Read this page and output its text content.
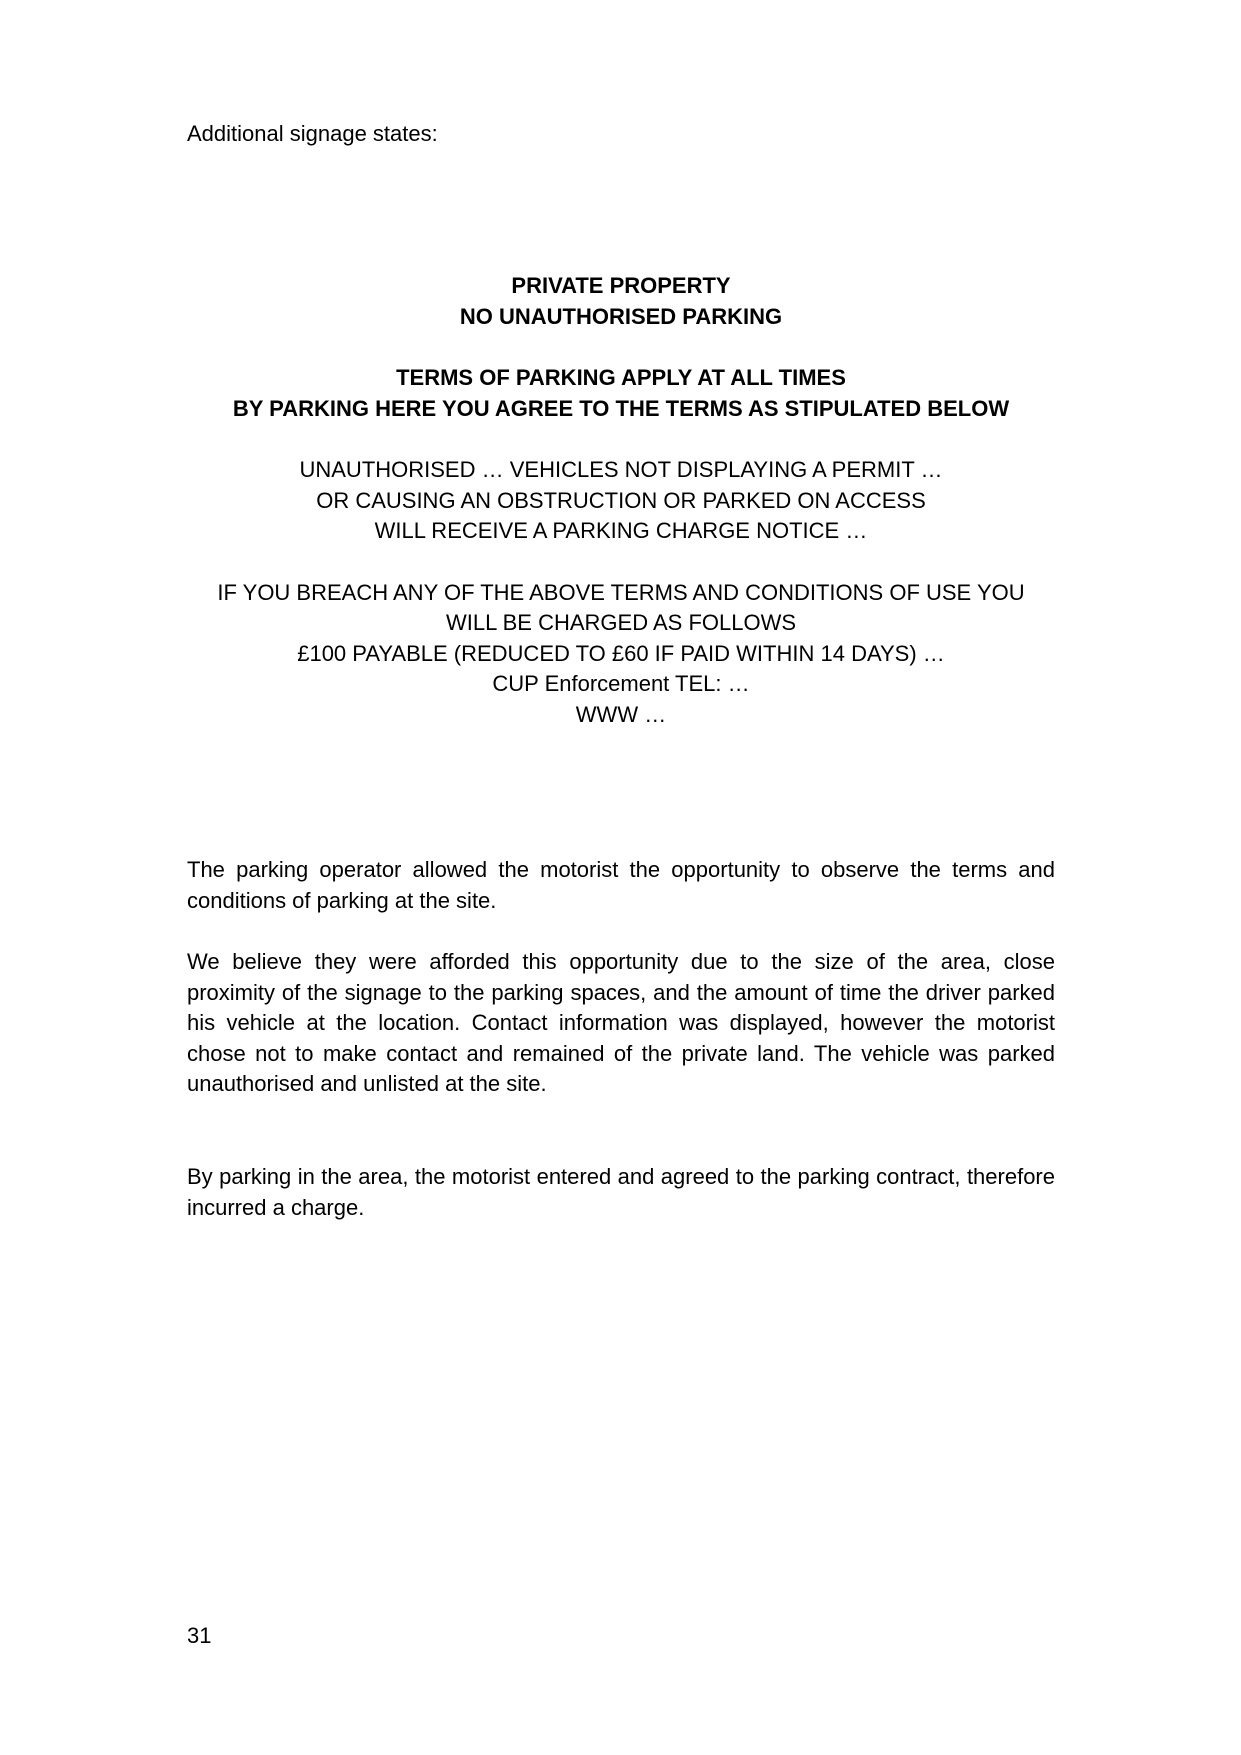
Additional signage states:

PRIVATE PROPERTY

NO UNAUTHORISED PARKING

TERMS OF PARKING APPLY AT ALL TIMES

BY PARKING HERE YOU AGREE TO THE TERMS AS STIPULATED BELOW

UNAUTHORISED … VEHICLES NOT DISPLAYING A PERMIT …

OR CAUSING AN OBSTRUCTION OR PARKED ON ACCESS

WILL RECEIVE A PARKING CHARGE NOTICE …

IF YOU BREACH ANY OF THE ABOVE TERMS AND CONDITIONS OF USE YOU

WILL BE CHARGED AS FOLLOWS

£100 PAYABLE (REDUCED TO £60 IF PAID WITHIN 14 DAYS) …

CUP Enforcement TEL: …

WWW …

The parking operator allowed the motorist the opportunity to observe the terms and conditions of parking at the site.

We believe they were afforded this opportunity due to the size of the area, close proximity of the signage to the parking spaces, and the amount of time the driver parked his vehicle at the location. Contact information was displayed, however the motorist chose not to make contact and remained of the private land. The vehicle was parked unauthorised and unlisted at the site.

By parking in the area, the motorist entered and agreed to the parking contract, therefore incurred a charge.

31
